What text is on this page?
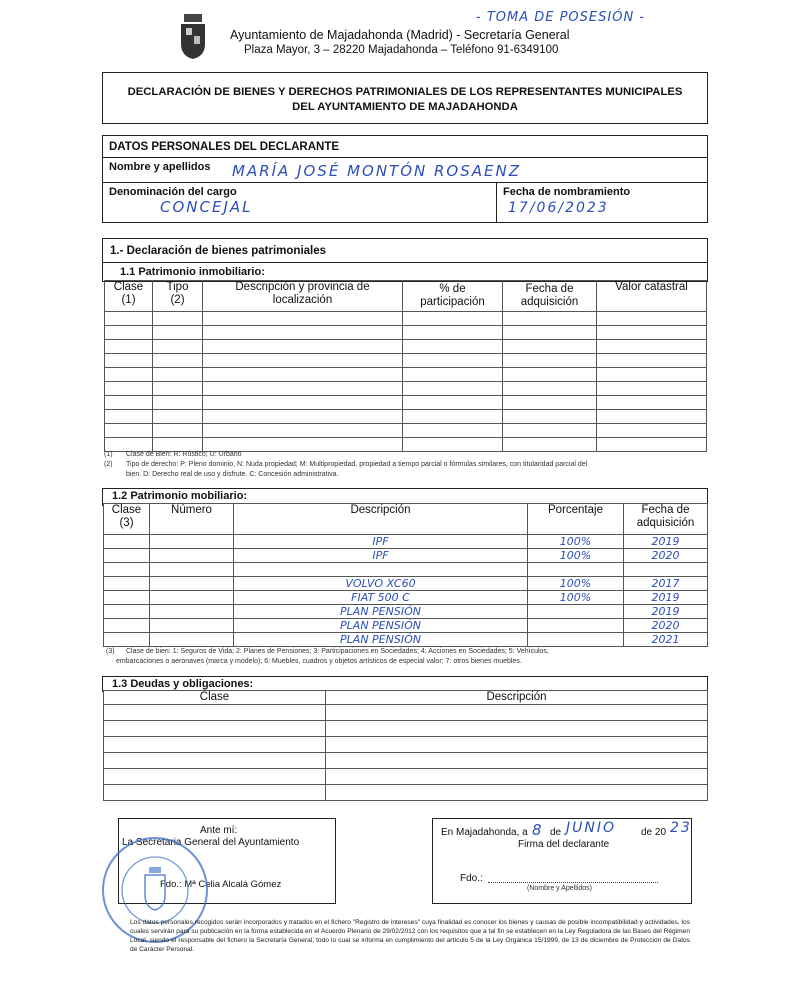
- TOMA DE POSESIÓN -
Ayuntamiento de Majadahonda (Madrid) - Secretaría General
Plaza Mayor, 3 – 28220 Majadahonda – Teléfono 91-6349100
DECLARACIÓN DE BIENES Y DERECHOS PATRIMONIALES DE LOS REPRESENTANTES MUNICIPALES
DEL AYUNTAMIENTO DE MAJADAHONDA
DATOS PERSONALES DEL DECLARANTE
Nombre y apellidos MARÍA JOSÉ MONTÓN ROSAENZ
Denominación del cargo
CONCEJAL
Fecha de nombramiento
17/06/2023
1.- Declaración de bienes patrimoniales
1.1 Patrimonio inmobiliario:
Clase
(1)

Tipo
(2)

Descripción y provincia de
localización

% de
participación

Fecha de
adquisición

Valor catastral

(1) Clase de Bien: R: Rústico; U: Urbano
(2) Tipo de derecho: P: Pleno dominio, N: Nuda propiedad; M: Multipropiedad, propiedad a tiempo parcial o fórmulas similares, con titularidad parcial del
bien. D: Derecho real de uso y disfrute. C: Concesión administrativa.
1.2 Patrimonio mobiliario:
Clase
(3)

Número	Descripción	Porcentaje	Fecha de
adquisición

		IPF	100%	2019
		IPF	100%	2020

		VOLVO XC60	100%	2017
		FIAT 500 C	100%	2019
		PLAN PENSIÓN		2019
		PLAN PENSIÓN		2020
		PLAN PENSIÓN		2021
(3) Clase de bien: 1: Seguros de Vida; 2: Planes de Pensiones; 3: Participaciones en Sociedades; 4: Acciones en Sociedades; 5: Vehículos,
embarcaciones o aeronaves (marca y modelo); 6: Muebles, cuadros y objetos artísticos de especial valor; 7: otros bienes muebles.
1.3 Deudas y obligaciones:
Clase	Descripción

Ante mí:
La Secretaria General del Ayuntamiento
Fdo.: Mª Celia Alcalá Gómez
En Majadahonda, a 8 de JUNIO	de 20 23
Firma del declarante
Fdo.:
(Nombre y Apellidos)
Los datos personales recogidos serán incorporados y tratados en el fichero "Registro de intereses" cuya finalidad es conocer los bienes y causas de posible incompatibilidad y actividades, los cuales servirán para su publicación en la forma establecida en el Acuerdo Plenario de 29/02/2012 con los requisitos que a tal fin se establecen en la Ley Reguladora de las Bases del Régimen Local, siendo el responsable del fichero la Secretaría General, todo lo cual se informa en cumplimiento del artículo 5 de la Ley Orgánica 15/1999, de 13 de diciembre de Protección de Datos de Carácter Personal.
